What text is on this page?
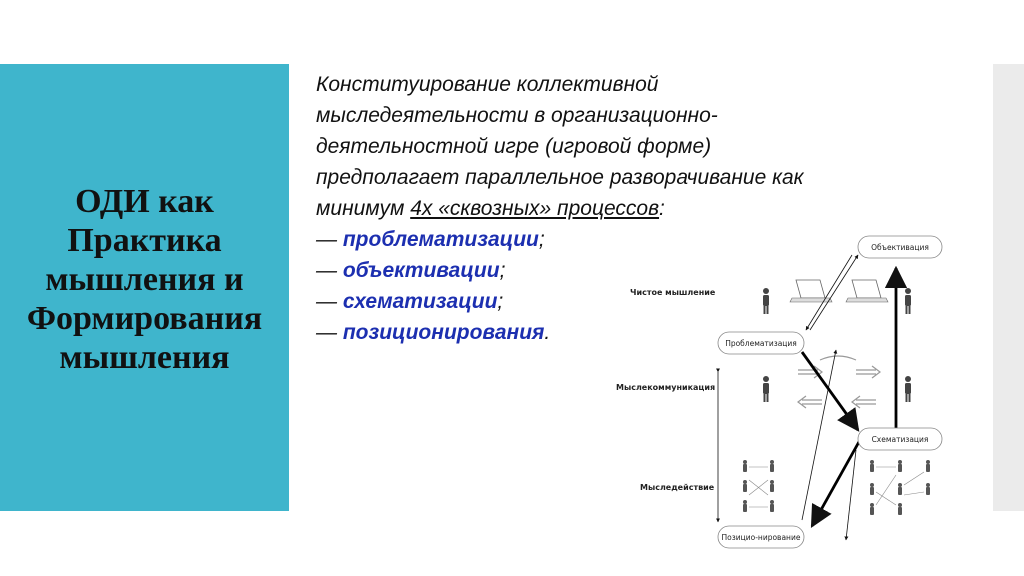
ОДИ как
Практика
мышления и
Формирования
мышления
Конституирование коллективной
мыследеятельности в организационно-
деятельностной игре (игровой форме)
предполагает параллельное разворачивание как
минимум 4х «сквозных» процессов:
— проблематизации;
— объективации;
— схематизации;
— позиционирования.
Чистое мышление
Мыслекоммуникация
Мыследействие
Объективация
Проблематизация
Схематизация
Позицио-нирование
